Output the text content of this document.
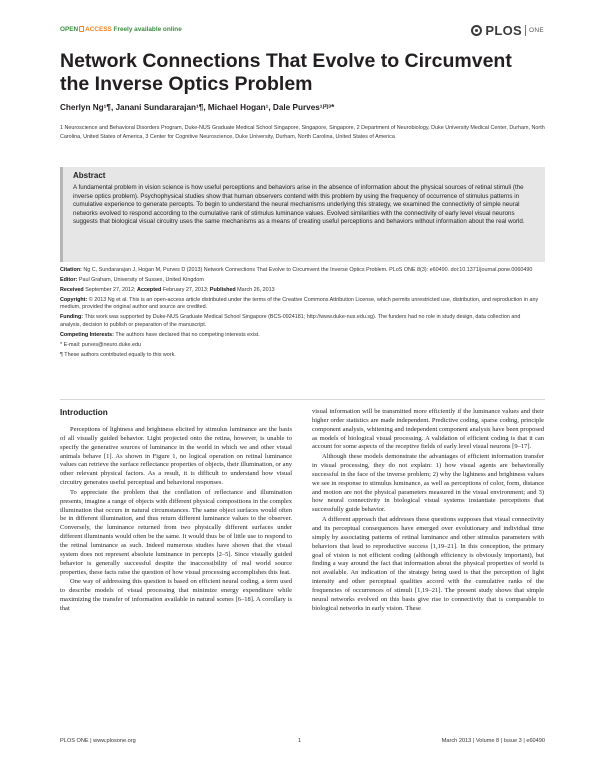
OPEN ACCESS Freely available online	PLOS ONE
Network Connections That Evolve to Circumvent the Inverse Optics Problem
Cherlyn Ng¹¶, Janani Sundararajan¹¶, Michael Hogan¹, Dale Purves¹ʲ²ʲ³*
1 Neuroscience and Behavioral Disorders Program, Duke-NUS Graduate Medical School Singapore, Singapore, Singapore, 2 Department of Neurobiology, Duke University Medical Center, Durham, North Carolina, United States of America, 3 Center for Cognitive Neuroscience, Duke University, Durham, North Carolina, United States of America
Abstract
A fundamental problem in vision science is how useful perceptions and behaviors arise in the absence of information about the physical sources of retinal stimuli (the inverse optics problem). Psychophysical studies show that human observers contend with this problem by using the frequency of occurrence of stimulus patterns in cumulative experience to generate percepts. To begin to understand the neural mechanisms underlying this strategy, we examined the connectivity of simple neural networks evolved to respond according to the cumulative rank of stimulus luminance values. Evolved similarities with the connectivity of early level visual neurons suggests that biological visual circuitry uses the same mechanisms as a means of creating useful perceptions and behaviors without information about the real world.

Citation: Ng C, Sundararajan J, Hogan M, Purves D (2013) Network Connections That Evolve to Circumvent the Inverse Optics Problem. PLoS ONE 8(3): e60490. doi:10.1371/journal.pone.0060490

Editor: Paul Graham, University of Sussex, United Kingdom

Received September 27, 2012; Accepted February 27, 2013; Published March 26, 2013

Copyright: © 2013 Ng et al. This is an open-access article distributed under the terms of the Creative Commons Attribution License, which permits unrestricted use, distribution, and reproduction in any medium, provided the original author and source are credited.

Funding: This work was supported by Duke-NUS Graduate Medical School Singapore (BCS-0924181; http://www.duke-nus.edu.sg). The funders had no role in study design, data collection and analysis, decision to publish or preparation of the manuscript.

Competing Interests: The authors have declared that no competing interests exist.

* E-mail: purves@neuro.duke.edu

¶ These authors contributed equally to this work.

Introduction

Perceptions of lightness and brightness elicited by stimulus luminance are the basis of all visually guided behavior. Light projected onto the retina, however, is unable to specify the generative sources of luminance in the world in which we and other visual animals behave [1]. As shown in Figure 1, no logical operation on retinal luminance values can retrieve the surface reflectance properties of objects, their illumination, or any other relevant physical factors. As a result, it is difficult to understand how visual circuitry generates useful perceptual and behavioral responses.

To appreciate the problem that the conflation of reflectance and illumination presents, imagine a range of objects with different physical compositions in the complex illumination that occurs in natural circumstances. The same object surfaces would often be in different illumination, and thus return different luminance values to the observer. Conversely, the luminance returned from two physically different surfaces under different illuminants would often be the same. It would thus be of little use to respond to the retinal luminance as such. Indeed numerous studies have shown that the visual system does not represent absolute luminance in percepts [2–5]. Since visually guided behavior is generally successful despite the inaccessibility of real world source properties, these facts raise the question of how visual processing accomplishes this feat.

One way of addressing this question is based on efficient neural coding, a term used to describe models of visual processing that minimize energy expenditure while maximizing the transfer of information available in natural scenes [6–18]. A corollary is that

visual information will be transmitted more efficiently if the luminance values and their higher order statistics are made independent. Predictive coding, sparse coding, principle component analysis, whitening and independent component analysis have been proposed as models of biological visual processing. A validation of efficient coding is that it can account for some aspects of the receptive fields of early level visual neurons [9–17].

Although these models demonstrate the advantages of efficient information transfer in visual processing, they do not explain: 1) how visual agents are behaviorally successful in the face of the inverse problem; 2) why the lightness and brightness values we see in response to stimulus luminance, as well as perceptions of color, form, distance and motion are not the physical parameters measured in the visual environment; and 3) how neural connectivity in biological visual systems instantiate perceptions that successfully guide behavior.

A different approach that addresses these questions supposes that visual connectivity and its perceptual consequences have emerged over evolutionary and individual time simply by associating patterns of retinal luminance and other stimulus parameters with behaviors that lead to reproductive success [1,19–21]. In this conception, the primary goal of vision is not efficient coding (although efficiency is obviously important), but finding a way around the fact that information about the physical properties of world is not available. An indication of the strategy being used is that the perception of light intensity and other perceptual qualities accord with the cumulative ranks of the frequencies of occurrences of stimuli [1,19–21]. The present study shows that simple neural networks evolved on this basis give rise to connectivity that is comparable to biological networks in early vision. These

PLOS ONE | www.plosone.org	1	March 2013 | Volume 8 | Issue 3 | e60490
